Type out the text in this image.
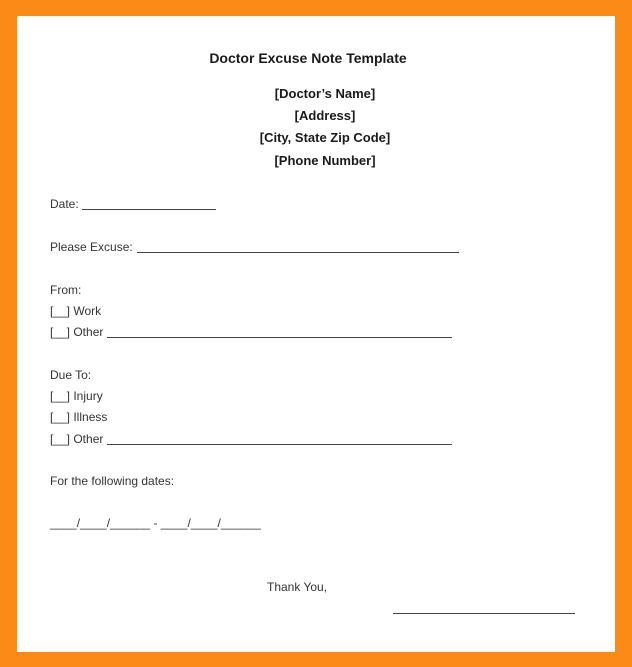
Doctor Excuse Note Template
[Doctor’s Name]
[Address]
[City, State Zip Code]
[Phone Number]
Date:
Please Excuse:
From:
[__] Work
[__] Other
Due To:
[__] Injury
[__] Illness
[__] Other
For the following dates:
____/____/______ - ____/____/______
Thank You,
